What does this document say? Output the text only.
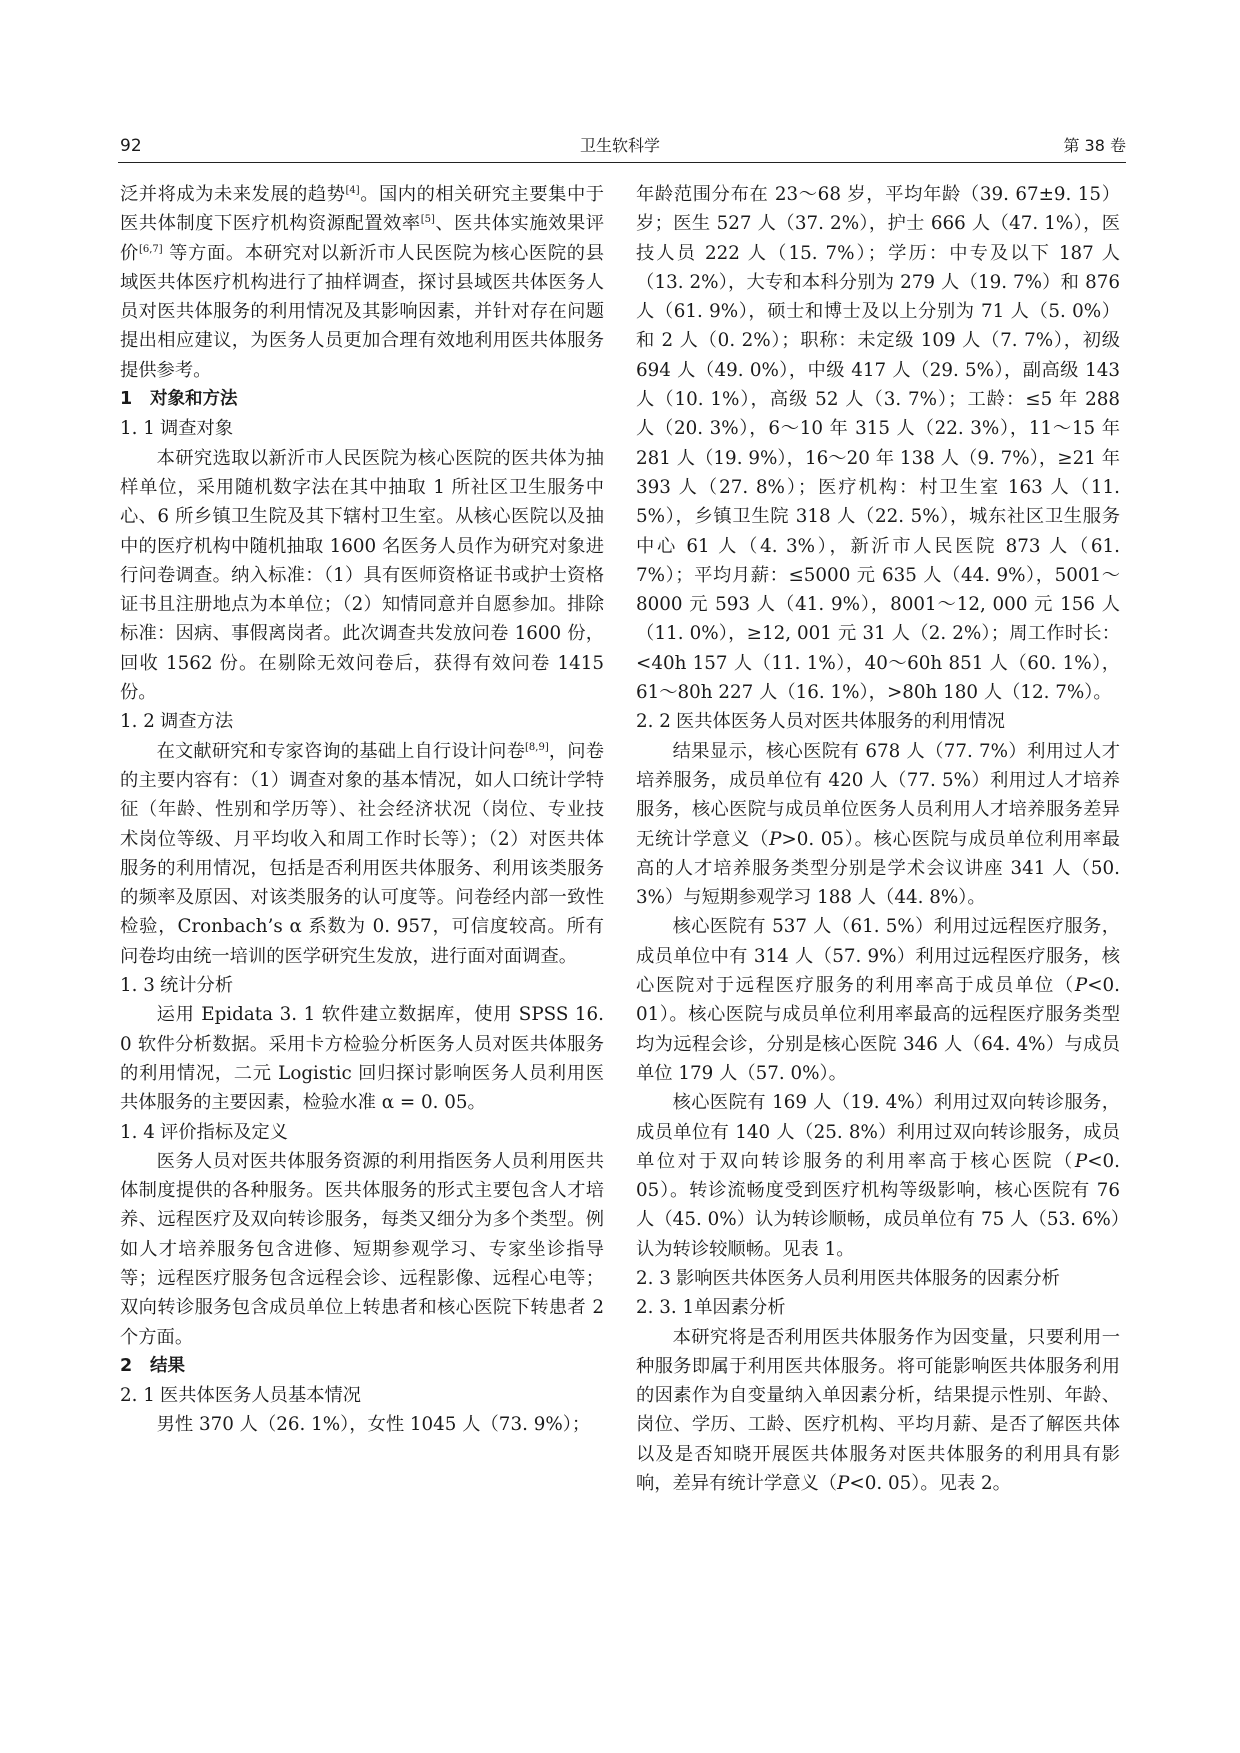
92	卫生软科学	第 38 卷

泛并将成为未来发展的趋势[4]。国内的相关研究主要集中于医共体制度下医疗机构资源配置效率[5]、医共体实施效果评价[6,7] 等方面。本研究对以新沂市人民医院为核心医院的县域医共体医疗机构进行了抽样调查，探讨县域医共体医务人员对医共体服务的利用情况及其影响因素，并针对存在问题提出相应建议，为医务人员更加合理有效地利用医共体服务提供参考。

1 对象和方法

1. 1 调查对象

本研究选取以新沂市人民医院为核心医院的医共体为抽样单位，采用随机数字法在其中抽取 1 所社区卫生服务中心、6 所乡镇卫生院及其下辖村卫生室。从核心医院以及抽中的医疗机构中随机抽取 1600 名医务人员作为研究对象进行问卷调查。纳入标准：（1）具有医师资格证书或护士资格证书且注册地点为本单位；（2）知情同意并自愿参加。排除标准：因病、事假离岗者。此次调查共发放问卷 1600 份，回收 1562 份。在剔除无效问卷后，获得有效问卷 1415 份。

1. 2 调查方法

在文献研究和专家咨询的基础上自行设计问卷[8,9]，问卷的主要内容有：（1）调查对象的基本情况，如人口统计学特征（年龄、性别和学历等）、社会经济状况（岗位、专业技术岗位等级、月平均收入和周工作时长等）；（2）对医共体服务的利用情况，包括是否利用医共体服务、利用该类服务的频率及原因、对该类服务的认可度等。问卷经内部一致性检验，Cronbach’s α 系数为 0. 957，可信度较高。所有问卷均由统一培训的医学研究生发放，进行面对面调查。

1. 3 统计分析

运用 Epidata 3. 1 软件建立数据库，使用 SPSS 16. 0 软件分析数据。采用卡方检验分析医务人员对医共体服务的利用情况，二元 Logistic 回归探讨影响医务人员利用医共体服务的主要因素，检验水准 α = 0. 05。

1. 4 评价指标及定义

医务人员对医共体服务资源的利用指医务人员利用医共体制度提供的各种服务。医共体服务的形式主要包含人才培养、远程医疗及双向转诊服务，每类又细分为多个类型。例如人才培养服务包含进修、短期参观学习、专家坐诊指导等；远程医疗服务包含远程会诊、远程影像、远程心电等；双向转诊服务包含成员单位上转患者和核心医院下转患者 2 个方面。

2 结果

2. 1 医共体医务人员基本情况

男性 370 人（26. 1%），女性 1045 人（73. 9%）；

年龄范围分布在 23～68 岁，平均年龄（39. 67±9. 15）岁；医生 527 人（37. 2%），护士 666 人（47. 1%），医技人员 222 人（15. 7%）；学历：中专及以下 187 人（13. 2%），大专和本科分别为 279 人（19. 7%）和 876 人（61. 9%），硕士和博士及以上分别为 71 人（5. 0%）和 2 人（0. 2%）；职称：未定级 109 人（7. 7%），初级 694 人（49. 0%），中级 417 人（29. 5%），副高级 143 人（10. 1%），高级 52 人（3. 7%）；工龄：≤5 年 288 人（20. 3%），6～10 年 315 人（22. 3%），11～15 年 281 人（19. 9%），16～20 年 138 人（9. 7%），≥21 年 393 人（27. 8%）；医疗机构：村卫生室 163 人（11. 5%），乡镇卫生院 318 人（22. 5%），城东社区卫生服务中心 61 人（4. 3%），新沂市人民医院 873 人（61. 7%）；平均月薪：≤5000 元 635 人（44. 9%），5001～8000 元 593 人（41. 9%），8001～12, 000 元 156 人（11. 0%），≥12, 001 元 31 人（2. 2%）；周工作时长：<40h 157 人（11. 1%），40～60h 851 人（60. 1%），61～80h 227 人（16. 1%），>80h 180 人（12. 7%）。

2. 2 医共体医务人员对医共体服务的利用情况

结果显示，核心医院有 678 人（77. 7%）利用过人才培养服务，成员单位有 420 人（77. 5%）利用过人才培养服务，核心医院与成员单位医务人员利用人才培养服务差异无统计学意义（P>0. 05）。核心医院与成员单位利用率最高的人才培养服务类型分别是学术会议讲座 341 人（50. 3%）与短期参观学习 188 人（44. 8%）。

核心医院有 537 人（61. 5%）利用过远程医疗服务，成员单位中有 314 人（57. 9%）利用过远程医疗服务，核心医院对于远程医疗服务的利用率高于成员单位（P<0. 01）。核心医院与成员单位利用率最高的远程医疗服务类型均为远程会诊，分别是核心医院 346 人（64. 4%）与成员单位 179 人（57. 0%）。

核心医院有 169 人（19. 4%）利用过双向转诊服务，成员单位有 140 人（25. 8%）利用过双向转诊服务，成员单位对于双向转诊服务的利用率高于核心医院（P<0. 05）。转诊流畅度受到医疗机构等级影响，核心医院有 76 人（45. 0%）认为转诊顺畅，成员单位有 75 人（53. 6%）认为转诊较顺畅。见表 1。

2. 3 影响医共体医务人员利用医共体服务的因素分析

2. 3. 1单因素分析

本研究将是否利用医共体服务作为因变量，只要利用一种服务即属于利用医共体服务。将可能影响医共体服务利用的因素作为自变量纳入单因素分析，结果提示性别、年龄、岗位、学历、工龄、医疗机构、平均月薪、是否了解医共体以及是否知晓开展医共体服务对医共体服务的利用具有影响，差异有统计学意义（P<0. 05）。见表 2。
